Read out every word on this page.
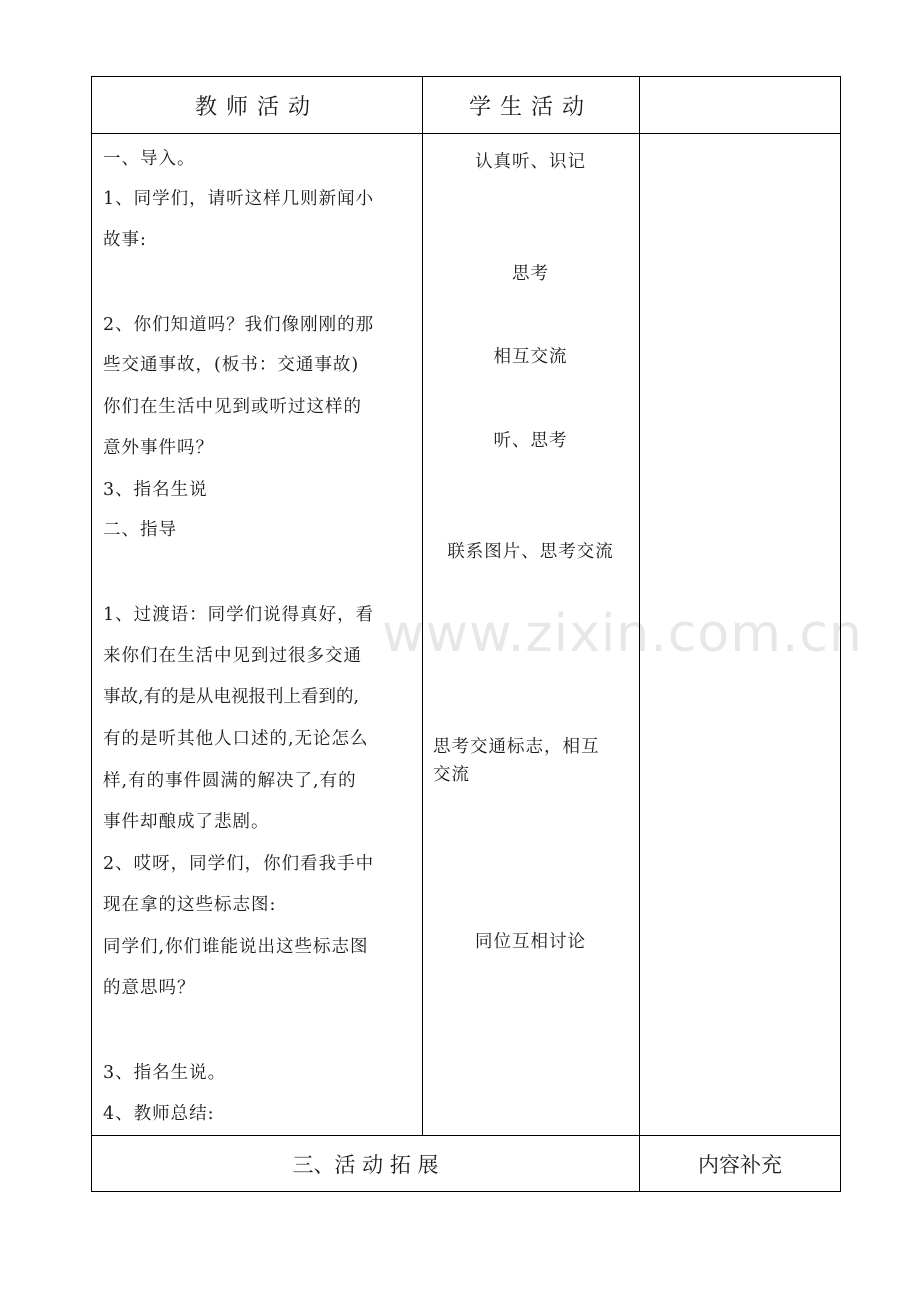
教师活动	学生活动
一、导入。
1、同学们，请听这样几则新闻小
故事:
2、你们知道吗？我们像刚刚的那
些交通事故，(板书：交通事故)
你们在生活中见到或听过这样的
意外事件吗？
3、指名生说
二、指导
1、过渡语：同学们说得真好，看
来你们在生活中见到过很多交通
事故,有的是从电视报刊上看到的,
有的是听其他人口述的,无论怎么
样,有的事件圆满的解决了,有的
事件却酿成了悲剧。
2、哎呀，同学们，你们看我手中
现在拿的这些标志图:
同学们,你们谁能说出这些标志图
的意思吗？
3、指名生说。
4、教师总结:
认真听、识记
思考
相互交流
听、思考
联系图片、思考交流
思考交通标志，相互
交流
同位互相讨论
三、活 动 拓 展	内容补充
www.zixin.com.cn
